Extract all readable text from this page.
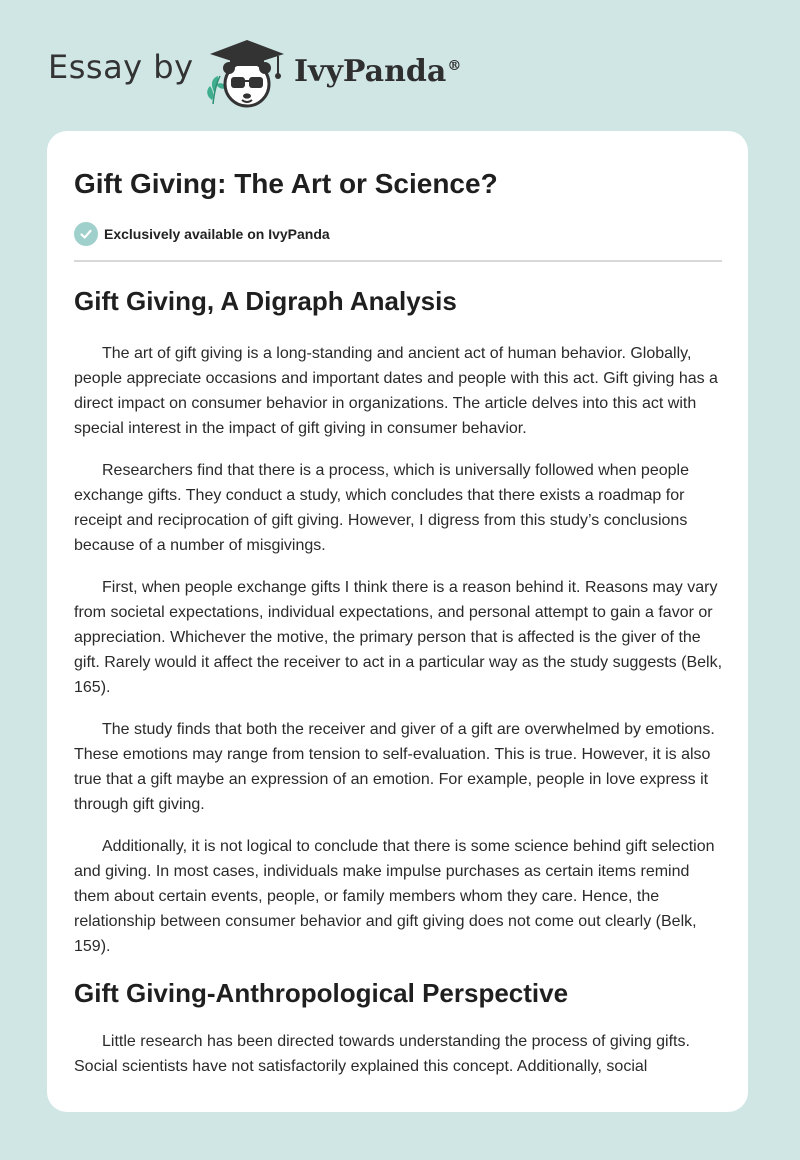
Essay by	IvyPanda®
Gift Giving: The Art or Science?
Exclusively available on IvyPanda
Gift Giving, A Digraph Analysis

The art of gift giving is a long-standing and ancient act of human behavior. Globally, people appreciate occasions and important dates and people with this act. Gift giving has a direct impact on consumer behavior in organizations. The article delves into this act with special interest in the impact of gift giving in consumer behavior.

Researchers find that there is a process, which is universally followed when people exchange gifts. They conduct a study, which concludes that there exists a roadmap for receipt and reciprocation of gift giving. However, I digress from this study’s conclusions because of a number of misgivings.

First, when people exchange gifts I think there is a reason behind it. Reasons may vary from societal expectations, individual expectations, and personal attempt to gain a favor or appreciation. Whichever the motive, the primary person that is affected is the giver of the gift. Rarely would it affect the receiver to act in a particular way as the study suggests (Belk, 165).

The study finds that both the receiver and giver of a gift are overwhelmed by emotions. These emotions may range from tension to self-evaluation. This is true. However, it is also true that a gift maybe an expression of an emotion. For example, people in love express it through gift giving.

Additionally, it is not logical to conclude that there is some science behind gift selection and giving. In most cases, individuals make impulse purchases as certain items remind them about certain events, people, or family members whom they care. Hence, the relationship between consumer behavior and gift giving does not come out clearly (Belk, 159).

Gift Giving-Anthropological Perspective

Little research has been directed towards understanding the process of giving gifts. Social scientists have not satisfactorily explained this concept. Additionally, social
